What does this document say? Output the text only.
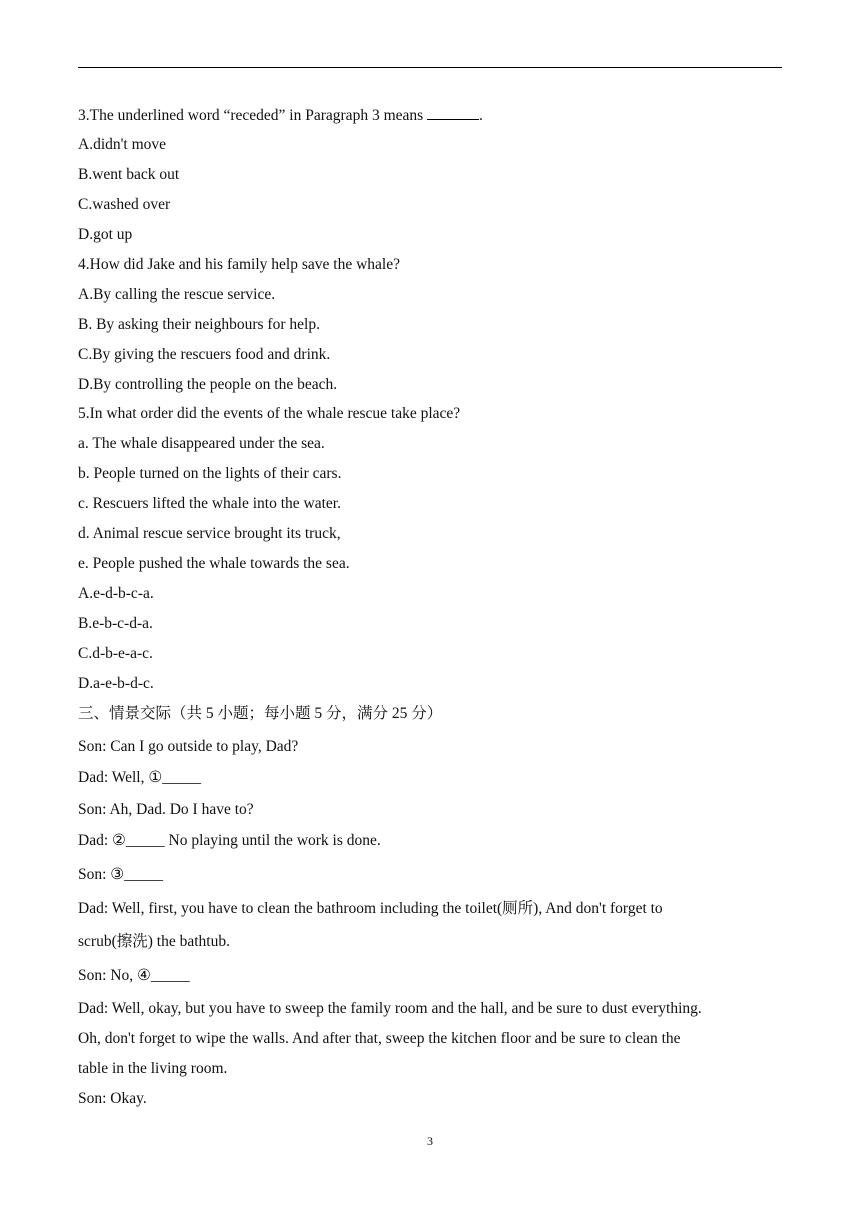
3.The underlined word “receded” in Paragraph 3 means	.
A.didn't move
B.went back out
C.washed over
D.got up
4.How did Jake and his family help save the whale?
A.By calling the rescue service.
B. By asking their neighbours for help.
C.By giving the rescuers food and drink.
D.By controlling the people on the beach.
5.In what order did the events of the whale rescue take place?
a. The whale disappeared under the sea.
b. People turned on the lights of their cars.
c. Rescuers lifted the whale into the water.
d. Animal rescue service brought its truck,
e. People pushed the whale towards the sea.
A.e-d-b-c-a.
B.e-b-c-d-a.
C.d-b-e-a-c.
D.a-e-b-d-c.
三、情景交际（共 5 小题；每小题 5 分，满分 25 分）
Son: Can I go outside to play, Dad?
Dad: Well, ①_____
Son: Ah, Dad. Do I have to?
Dad: ②_____ No playing until the work is done.
Son: ③_____
Dad: Well, first, you have to clean the bathroom including the toilet(厕所), And don't forget to
scrub(擦洗) the bathtub.
Son: No, ④_____
Dad: Well, okay, but you have to sweep the family room and the hall, and be sure to dust everything.
Oh, don't forget to wipe the walls. And after that, sweep the kitchen floor and be sure to clean the
table in the living room.
Son: Okay.
3
